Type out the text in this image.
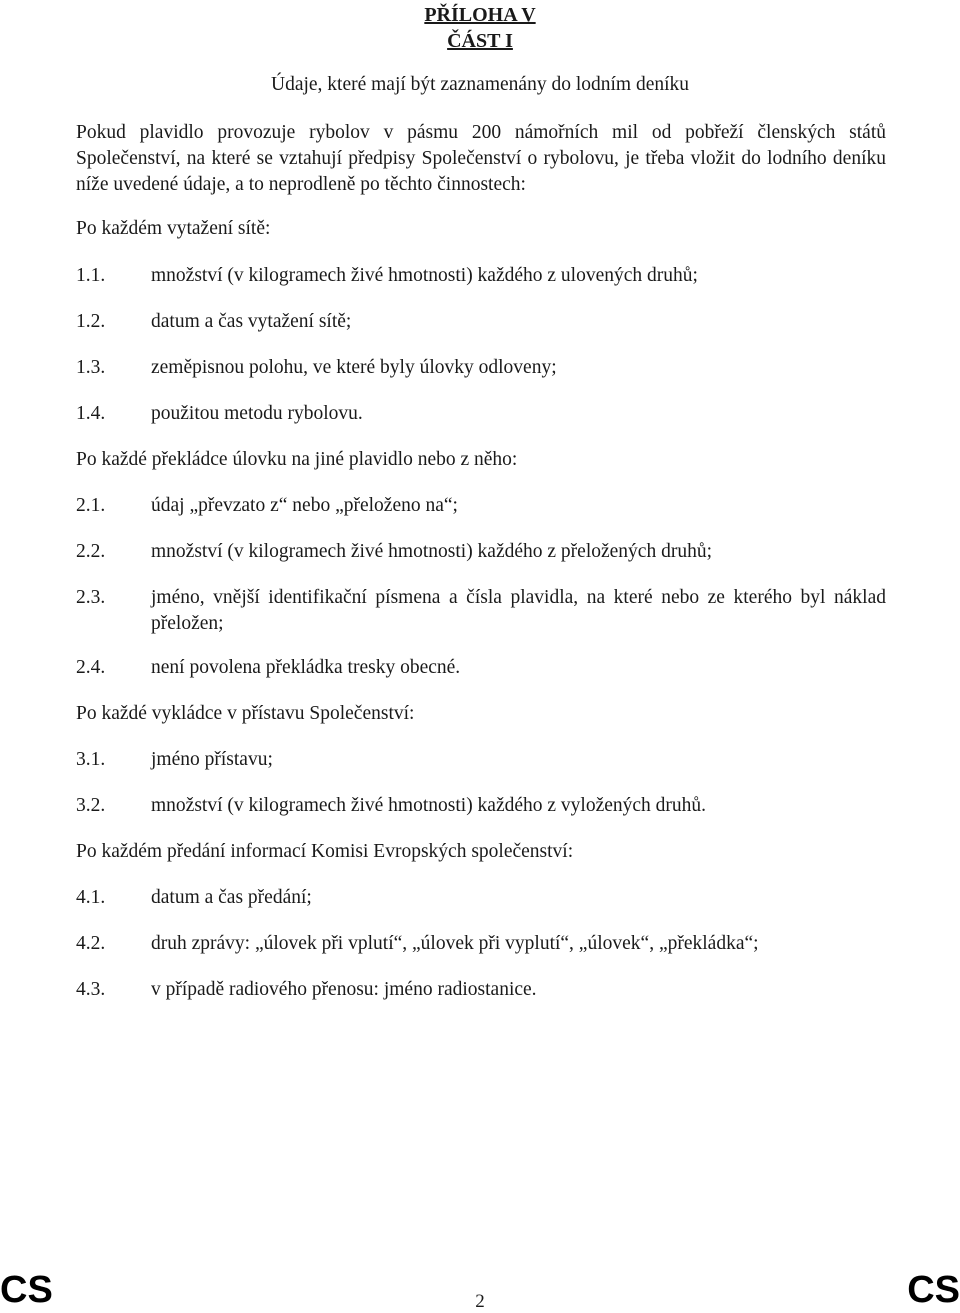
PŘÍLOHA V
ČÁST I
Údaje, které mají být zaznamenány do lodním deníku
Pokud plavidlo provozuje rybolov v pásmu 200 námořních mil od pobřeží členských států Společenství, na které se vztahují předpisy Společenství o rybolovu, je třeba vložit do lodního deníku níže uvedené údaje, a to neprodleně po těchto činnostech:
Po každém vytažení sítě:
1.1. množství (v kilogramech živé hmotnosti) každého z ulovených druhů;
1.2. datum a čas vytažení sítě;
1.3. zeměpisnou polohu, ve které byly úlovky odloveny;
1.4. použitou metodu rybolovu.
Po každé překládce úlovku na jiné plavidlo nebo z něho:
2.1. údaj „převzato z“ nebo „přeloženo na“;
2.2. množství (v kilogramech živé hmotnosti) každého z přeložených druhů;
2.3. jméno, vnější identifikační písmena a čísla plavidla, na které nebo ze kterého byl náklad přeložen;
2.4. není povolena překládka tresky obecné.
Po každé vykládce v přístavu Společenství:
3.1. jméno přístavu;
3.2. množství (v kilogramech živé hmotnosti) každého z vyložených druhů.
Po každém předání informací Komisi Evropských společenství:
4.1. datum a čas předání;
4.2. druh zprávy: „úlovek při vplutí“, „úlovek při vyplutí“, „úlovek“, „překládka“;
4.3. v případě radiového přenosu: jméno radiostanice.
CS	2	CS
